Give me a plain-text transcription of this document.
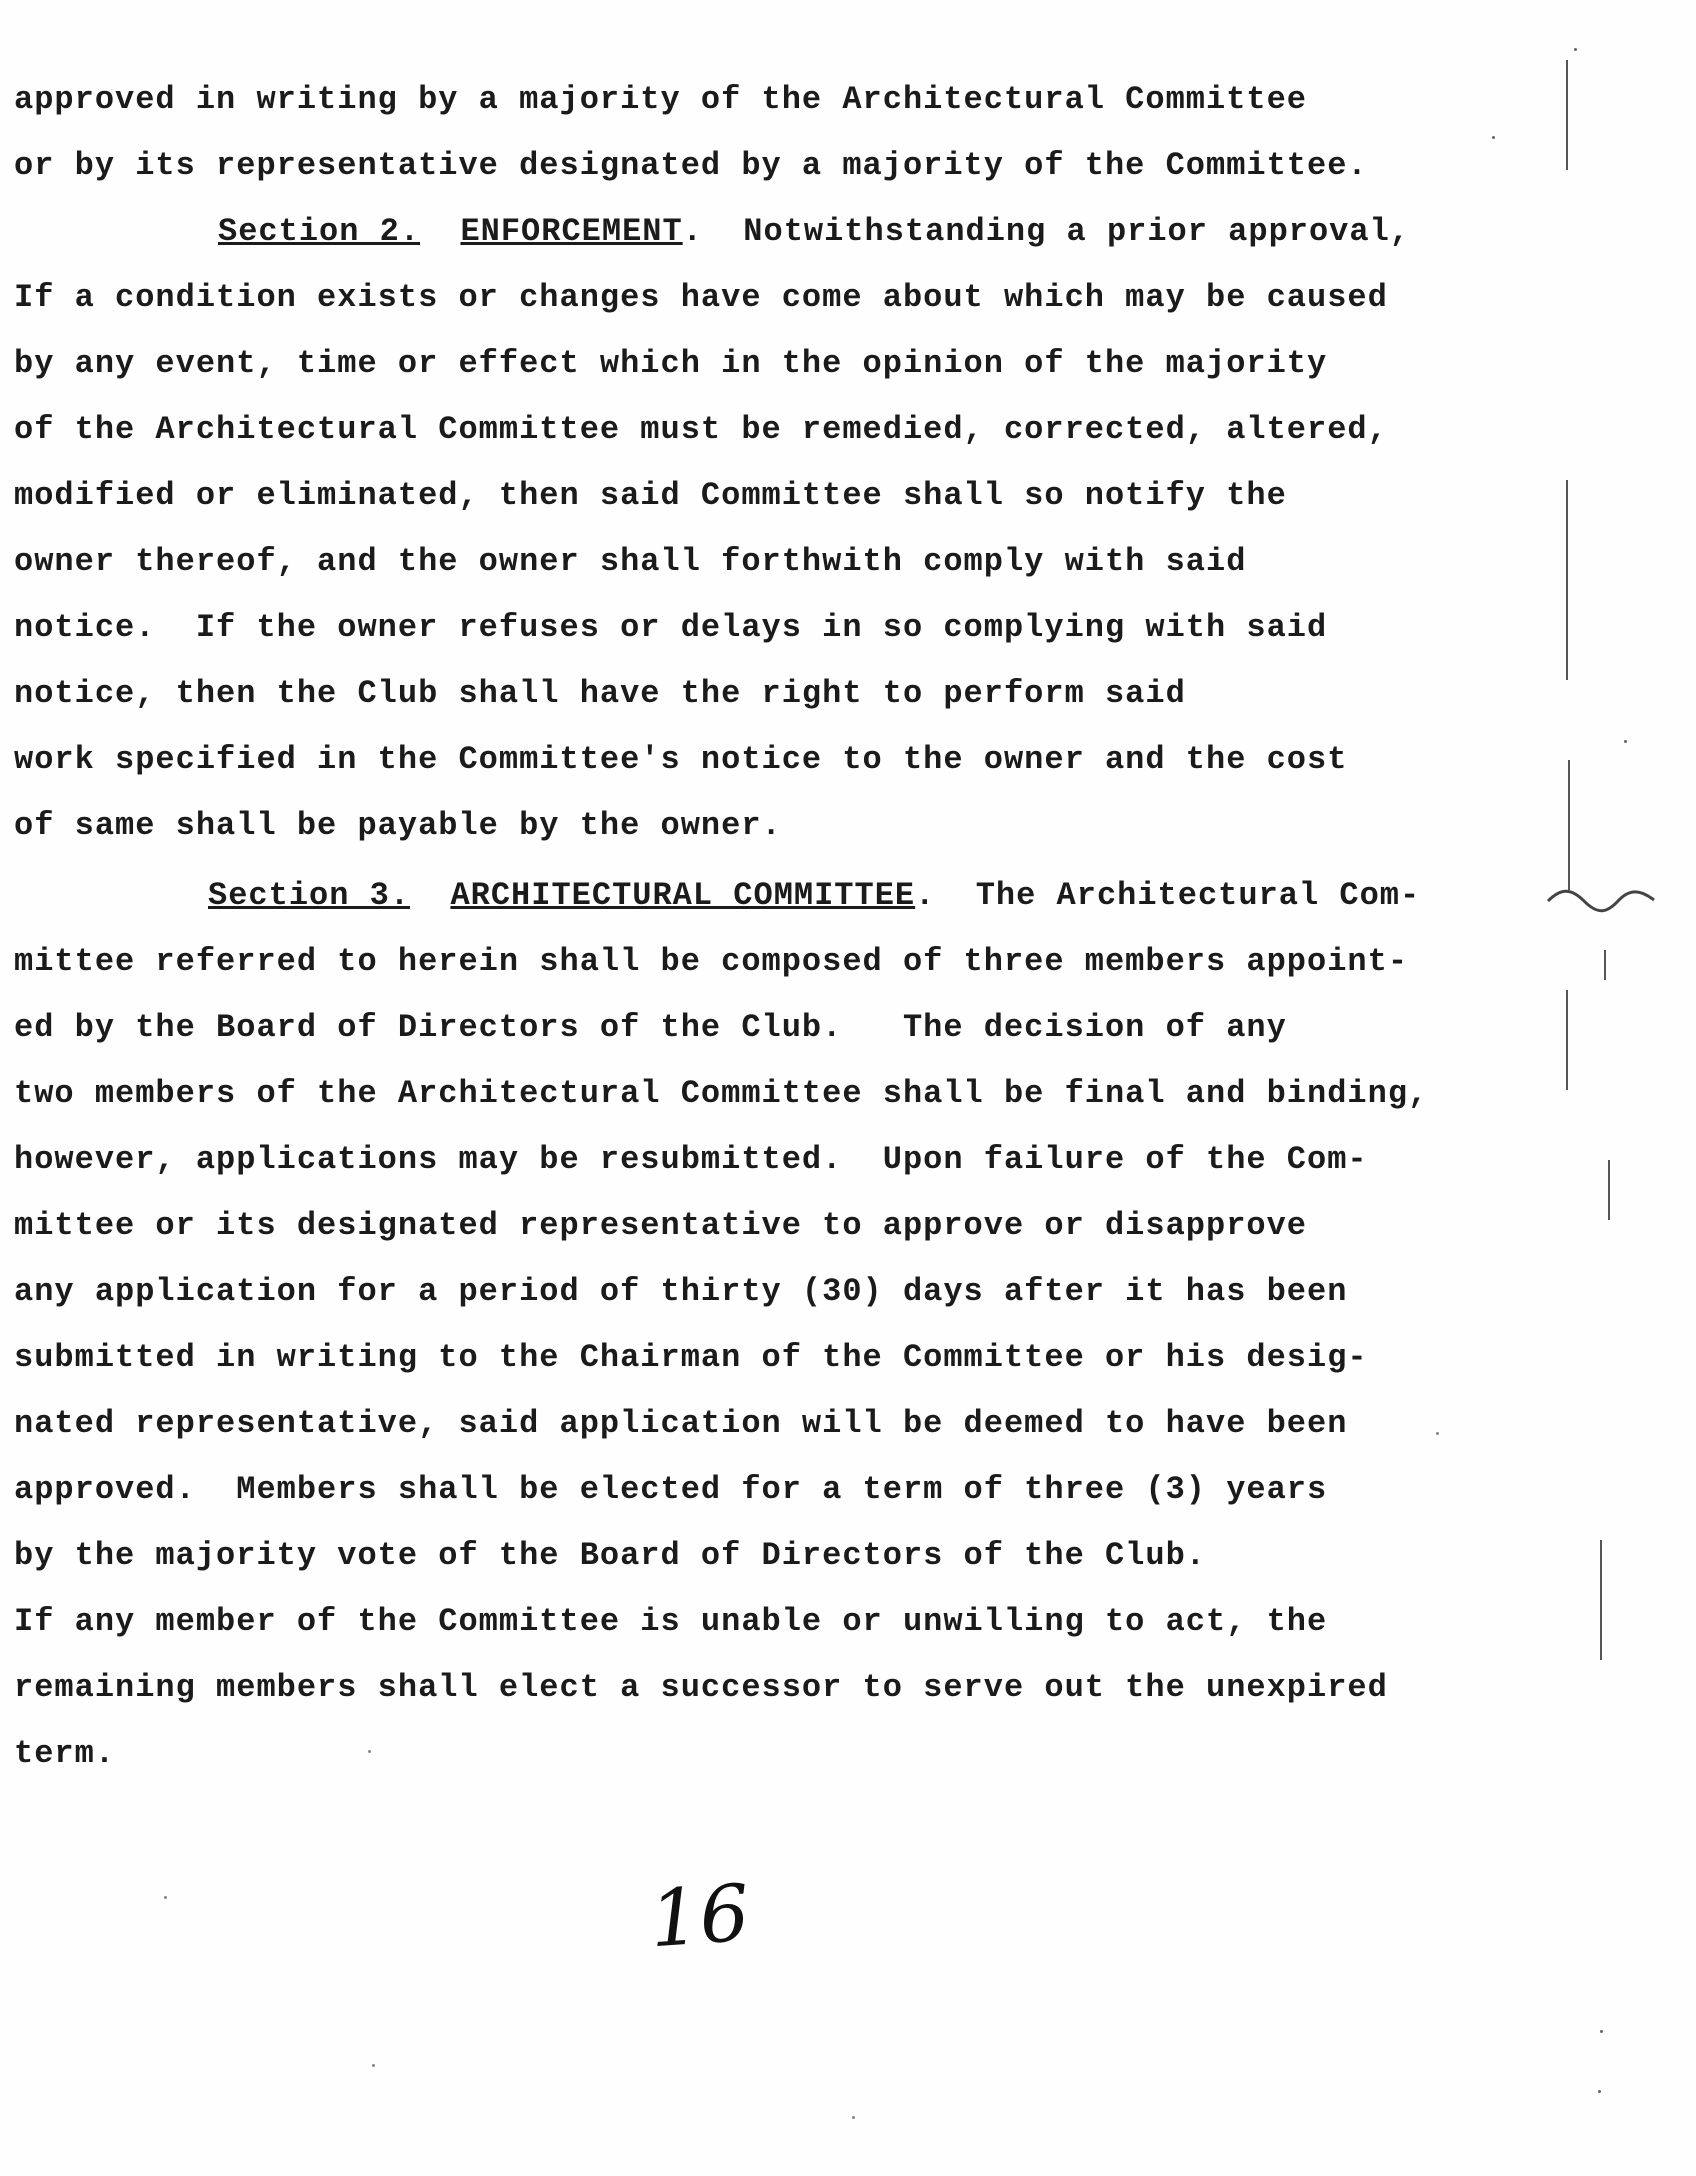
approved in writing by a majority of the Architectural Committee
or by its representative designated by a majority of the Committee.
Section 2. ENFORCEMENT.  Notwithstanding a prior approval,
If a condition exists or changes have come about which may be caused
by any event, time or effect which in the opinion of the majority
of the Architectural Committee must be remedied, corrected, altered,
modified or eliminated, then said Committee shall so notify the
owner thereof, and the owner shall forthwith comply with said
notice.  If the owner refuses or delays in so complying with said
notice, then the Club shall have the right to perform said
work specified in the Committee's notice to the owner and the cost
of same shall be payable by the owner.
Section 3. ARCHITECTURAL COMMITTEE.  The Architectural Com-
mittee referred to herein shall be composed of three members appoint-
ed by the Board of Directors of the Club.   The decision of any
two members of the Architectural Committee shall be final and binding,
however, applications may be resubmitted.  Upon failure of the Com-
mittee or its designated representative to approve or disapprove
any application for a period of thirty (30) days after it has been
submitted in writing to the Chairman of the Committee or his desig-
nated representative, said application will be deemed to have been
approved.  Members shall be elected for a term of three (3) years
by the majority vote of the Board of Directors of the Club.
If any member of the Committee is unable or unwilling to act, the
remaining members shall elect a successor to serve out the unexpired
term.
16
